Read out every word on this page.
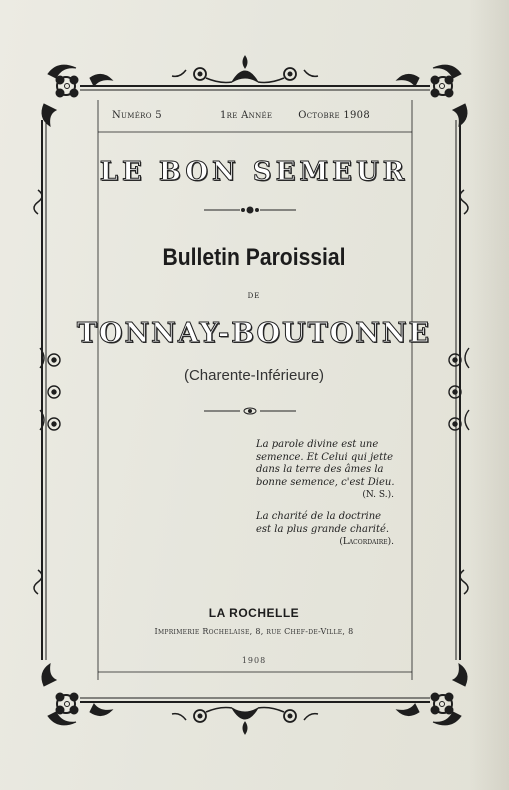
Numéro 5	1re Année	Octobre 1908
LE BON SEMEUR
Bulletin Paroissial
DE
TONNAY-BOUTONNE
(Charente-Inférieure)
La parole divine est une
semence. Et Celui qui jette
dans la terre des âmes la
bonne semence, c'est Dieu.
(N. S.).
La charité de la doctrine
est la plus grande charité.
(Lacordaire).
LA ROCHELLE
Imprimerie Rochelaise, 8, rue Chef-de-Ville, 8
1908
